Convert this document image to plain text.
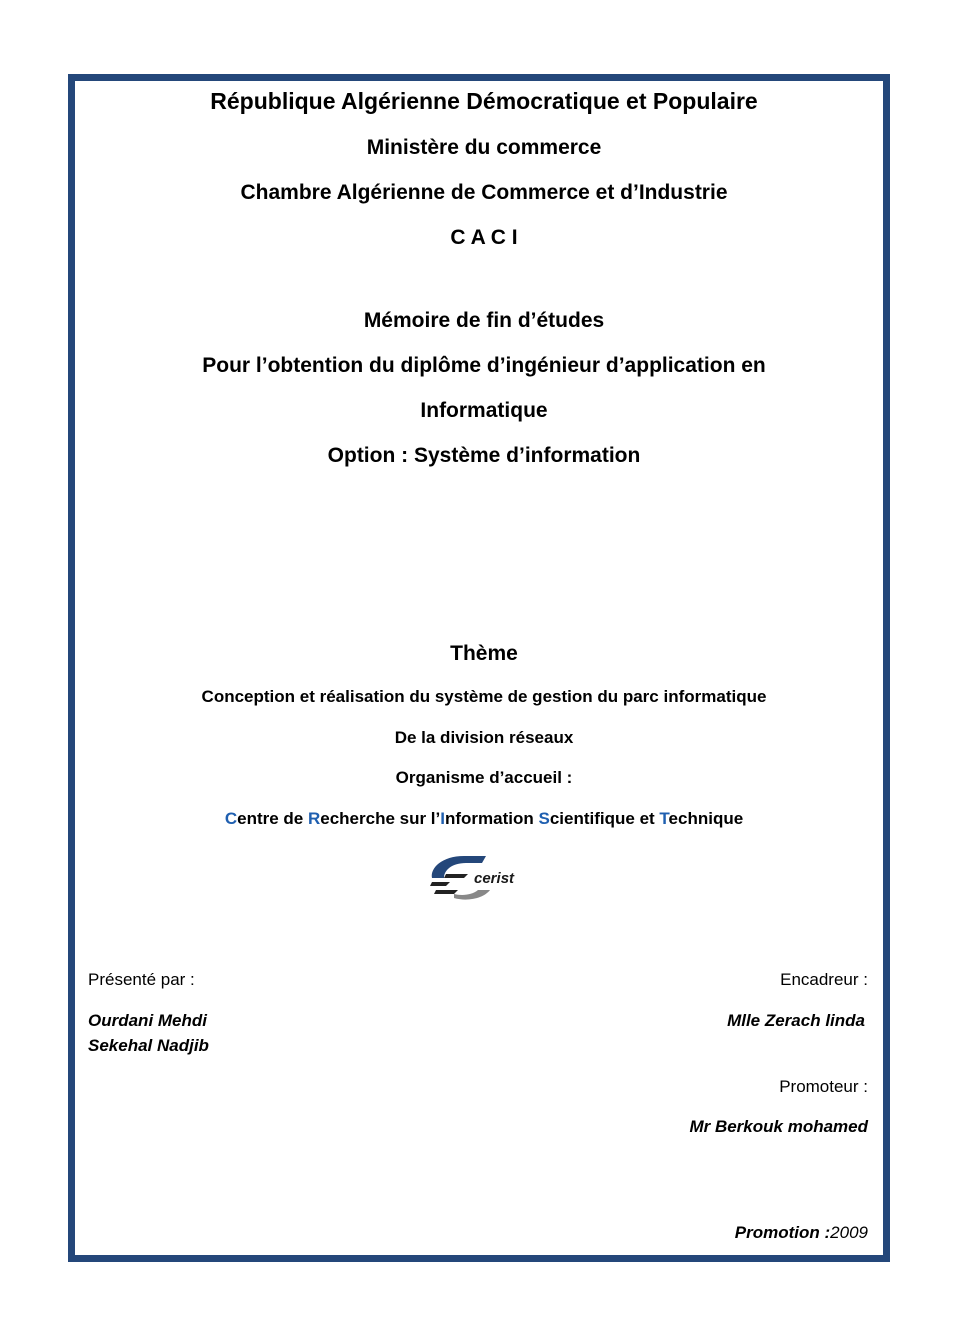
République Algérienne Démocratique et Populaire
Ministère du commerce
Chambre Algérienne de Commerce et d’Industrie
C A C I
Mémoire de fin d’études
Pour l’obtention du diplôme d’ingénieur d’application en
Informatique
Option : Système d’information
Thème
Conception et réalisation du système de gestion du parc informatique
De la division réseaux
Organisme d’accueil :
Centre de Recherche sur l’Information Scientifique et Technique
cerist
Présenté par :
Ourdani Mehdi
Sekehal Nadjib
Encadreur :
Mlle Zerach linda
Promoteur :
Mr Berkouk mohamed
Promotion :2009
